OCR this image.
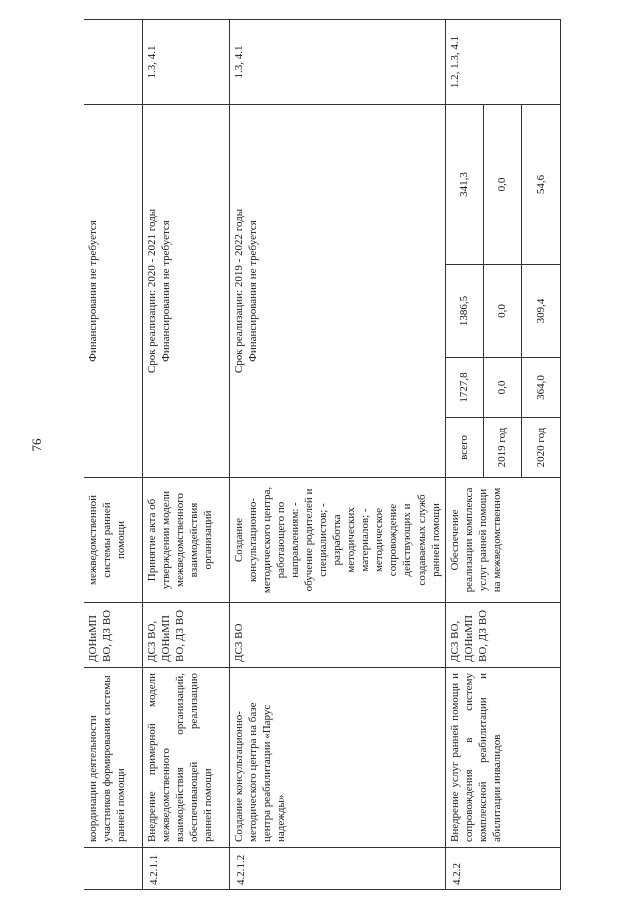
76
	координации деятельности участников формирования системы ранней помощи	ДОНиМП ВО, ДЗ ВО	межведомственной системы ранней помощи	Финансирования не требуется				
4.2.1.1	Внедрение примерной модели межведомственного взаимодействия организаций, обеспечивающей реализацию ранней помощи	ДСЗ ВО, ДОНиМП ВО, ДЗ ВО	Принятие акта об утверждении модели межведомственного взаимодействия организаций	Срок реализации: 2020 - 2021 годы Финансирования не требуется				1.3, 4.1
4.2.1.2	Создание консультационно-методического центра на базе центра реабилитации «Парус надежды»	ДСЗ ВО	Создание консультационно-методического центра, работающего по направлениям: - обучение родителей и специалистов; - разработка методических материалов; - методическое сопровождение действующих и создаваемых служб ранней помощи	Срок реализации: 2019 - 2022 годы Финансирования не требуется				1.3, 4.1
4.2.2	Внедрение услуг ранней помощи и сопровождения в систему комплексной реабилитации и абилитации инвалидов	ДСЗ ВО, ДОНиМП ВО, ДЗ ВО	Обеспечение реализации комплекса услуг ранней помощи на межведомственном	всего	1727,8	1386,5	341,3	1.2, 1.3, 4.1
				2019 год	0,0	0,0	0,0	
				2020 год	364,0	309,4	54,6	
